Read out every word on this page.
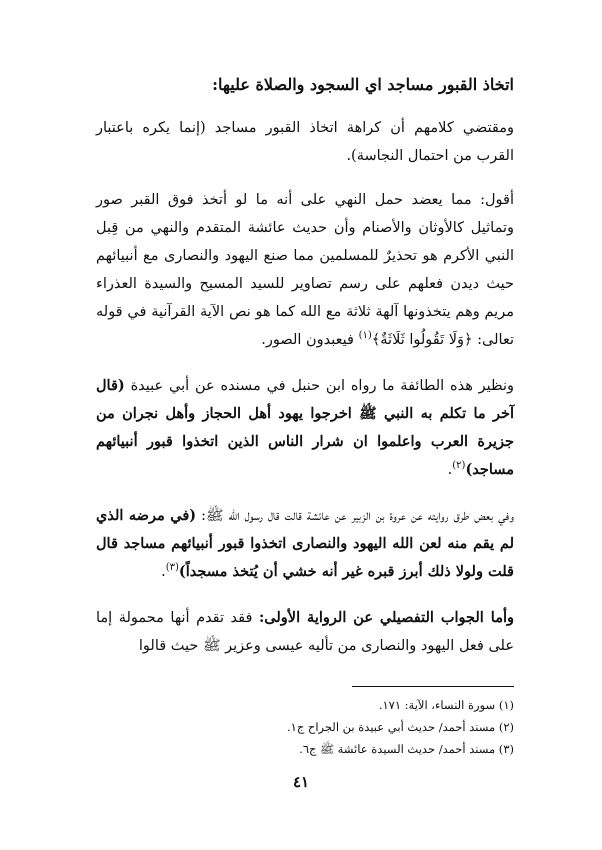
اتخاذ القبور مساجد اي السجود والصلاة عليها:

ومقتضي كلامهم أن كراهة اتخاذ القبور مساجد (إنما يكره باعتبار القرب من احتمال النجاسة).

أقول: مما يعضد حمل النهي على أنه ما لو أتخذ فوق القبر صور وتماثيل كالأوثان والأصنام وأن حديث عائشة المتقدم والنهي من قِبل النبي الأكرم هو تحذيرٌ للمسلمين مما صنع اليهود والنصارى مع أنبيائهم حيث ديدن فعلهم على رسم تصاوير للسيد المسيح والسيدة العذراء مريم وهم يتخذونها آلهة ثلاثة مع الله كما هو نص الآية القرآنية في قوله تعالى: ﴿وَلَا تَقُولُوا ثَلَاثَةٌ﴾$^{(١)}$ فيعبدون الصور.

ونظير هذه الطائفة ما رواه ابن حنبل في مسنده عن أبي عبيدة (قال آخر ما تكلم به النبي ﷺ اخرجوا يهود أهل الحجاز وأهل نجران من جزيرة العرب واعلموا ان شرار الناس الذين اتخذوا قبور أنبيائهم مساجد)$^{(٢)}$.

وفي بعض طرق روايته عن عروة بن الزبير عن عائشة قالت قال رسول الله ﷺ: (في مرضه الذي لم يقم منه لعن الله اليهود والنصارى اتخذوا قبور أنبيائهم مساجد قال قلت ولولا ذلك أبرز قبره غير أنه خشي أن يُتخذ مسجداً)$^{(٣)}$.

وأما الجواب التفصيلي عن الرواية الأولى: فقد تقدم أنها محمولة إما على فعل اليهود والنصارى من تأليه عيسى وعزير ﷺ حيث قالوا

(١) سورة النساء، الآية: ١٧١.

(٢) مسند أحمد/ حديث أبي عبيدة بن الجراح ج١.

(٣) مسند أحمد/ حديث السيدة عائشة ﷺ ج٦.

٤١
